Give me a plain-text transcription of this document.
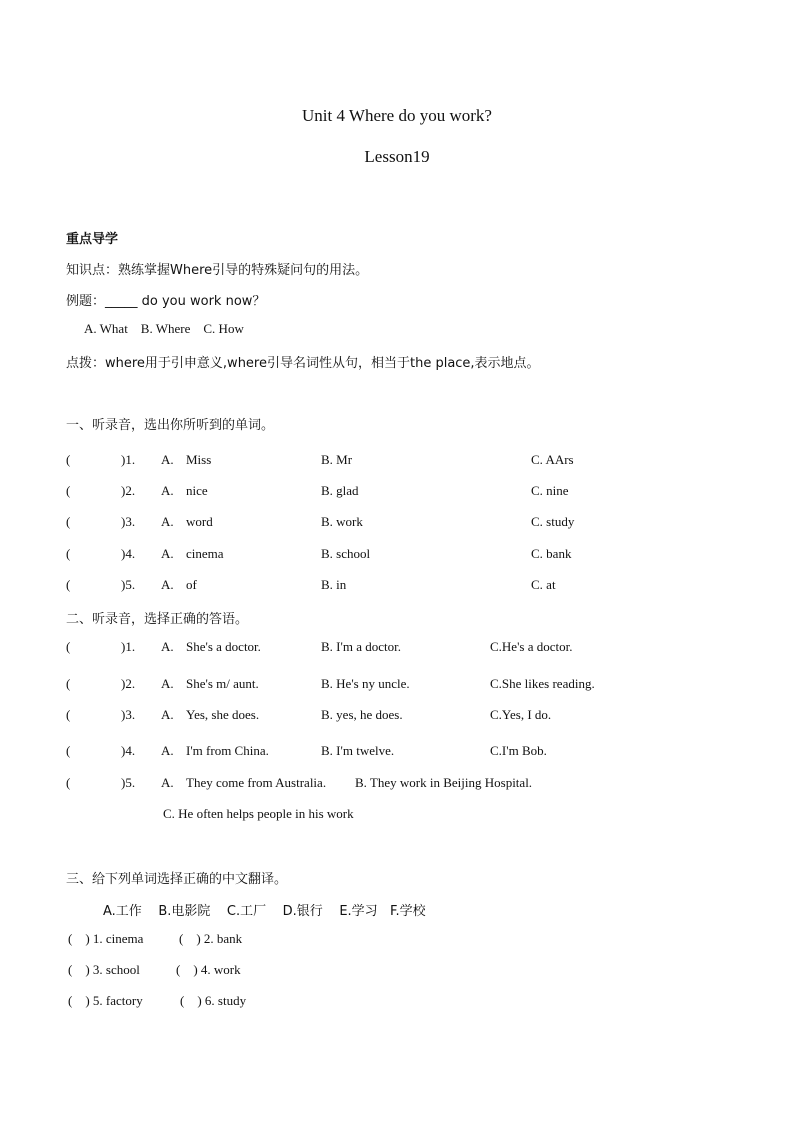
Unit 4 Where do you work?
Lesson19
重点导学
知识点：熟练掌握Where引导的特殊疑问句的用法。
例题：_____ do you work now？
A. What    B. Where    C. How
点拨：where用于引申意义,where引导名词性从句，相当于the place,表示地点。
一、听录音，选出你所听到的单词。
(	)1. A. Miss	B. Mr	C. AArs
(	)2. A. nice	B. glad	C. nine
(	)3. A. word	B. work	C. study
(	)4. A. cinema	B. school	C. bank
(	)5. A. of	B. in	C. at
二、听录音，选择正确的答语。
(	)1. A. She's a doctor.	B. I'm a doctor.	C.He's a doctor.
(	)2. A. She's m/ aunt.	B. He's ny uncle.	C.She likes reading.
(	)3. A. Yes, she does.	B. yes, he does.	C.Yes, I do.
(	)4. A. I'm from China.	B. I'm twelve.	C.I'm Bob.
(	)5. A. They come from Australia. B. They work in Beijing Hospital.
C. He often helps people in his work
三、给下列单词选择正确的中文翻译。
A.工作    B.电影院    C.工厂    D.银行    E.学习   F.学校
(    ) 1. cinema	(    ) 2. bank
(    ) 3. school	(    ) 4. work
(    ) 5. factory	(    ) 6. study
